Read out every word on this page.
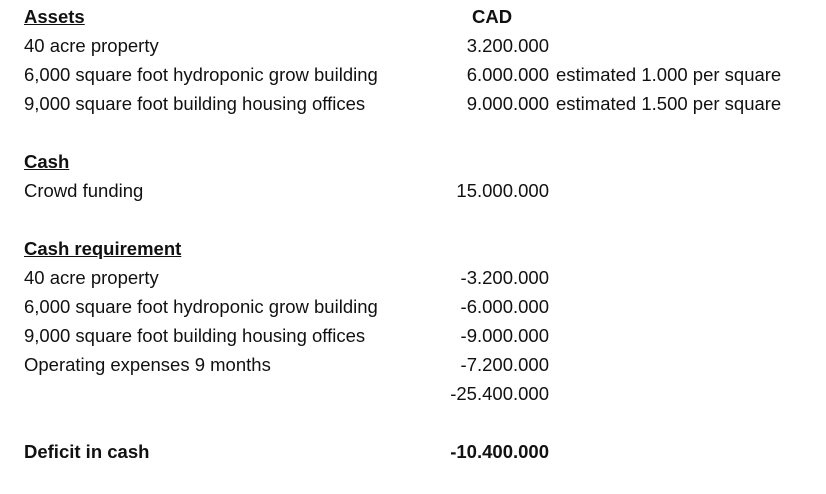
Assets	CAD
40 acre property	3.200.000
6,000 square foot hydroponic grow building	6.000.000 estimated 1.000 per square
9,000 square foot building housing offices	9.000.000 estimated 1.500 per square
Cash
Crowd funding	15.000.000
Cash requirement
40 acre property	-3.200.000
6,000 square foot hydroponic grow building	-6.000.000
9,000 square foot building housing offices	-9.000.000
Operating expenses 9 months	-7.200.000
-25.400.000
Deficit in cash	-10.400.000
